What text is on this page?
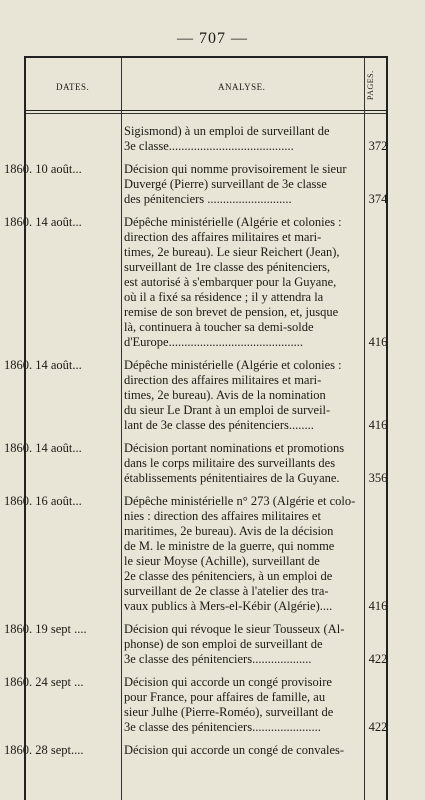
— 707 —
DATES.	ANALYSE.	PAGES.
Sigismond) à un emploi de surveillant de
3e classe........................................	372
1860. 10 août...	Décision qui nomme provisoirement le sieur
Duvergé (Pierre) surveillant de 3e classe
des pénitenciers ...........................	374
1860. 14 août...	Dépêche ministérielle (Algérie et colonies :
direction des affaires militaires et mari-
times, 2e bureau). Le sieur Reichert (Jean),
surveillant de 1re classe des pénitenciers,
est autorisé à s'embarquer pour la Guyane,
où il a fixé sa résidence ; il y attendra la
remise de son brevet de pension, et, jusque
là, continuera à toucher sa demi-solde
d'Europe...........................................	416
1860. 14 août...	Dépêche ministérielle (Algérie et colonies :
direction des affaires militaires et mari-
times, 2e bureau). Avis de la nomination
du sieur Le Drant à un emploi de surveil-
lant de 3e classe des pénitenciers........	416
1860. 14 août...	Décision portant nominations et promotions
dans le corps militaire des surveillants des
établissements pénitentiaires de la Guyane.	356
1860. 16 août...	Dépêche ministérielle n° 273 (Algérie et colo-
nies : direction des affaires militaires et
maritimes, 2e bureau). Avis de la décision
de M. le ministre de la guerre, qui nomme
le sieur Moyse (Achille), surveillant de
2e classe des pénitenciers, à un emploi de
surveillant de 2e classe à l'atelier des tra-
vaux publics à Mers-el-Kébir (Algérie)....	416
1860. 19 sept ....	Décision qui révoque le sieur Tousseux (Al-
phonse) de son emploi de surveillant de
3e classe des pénitenciers...................	422
1860. 24 sept ...	Décision qui accorde un congé provisoire
pour France, pour affaires de famille, au
sieur Julhe (Pierre-Roméo), surveillant de
3e classe des pénitenciers......................	422
1860. 28 sept....	Décision qui accorde un congé de convales-
